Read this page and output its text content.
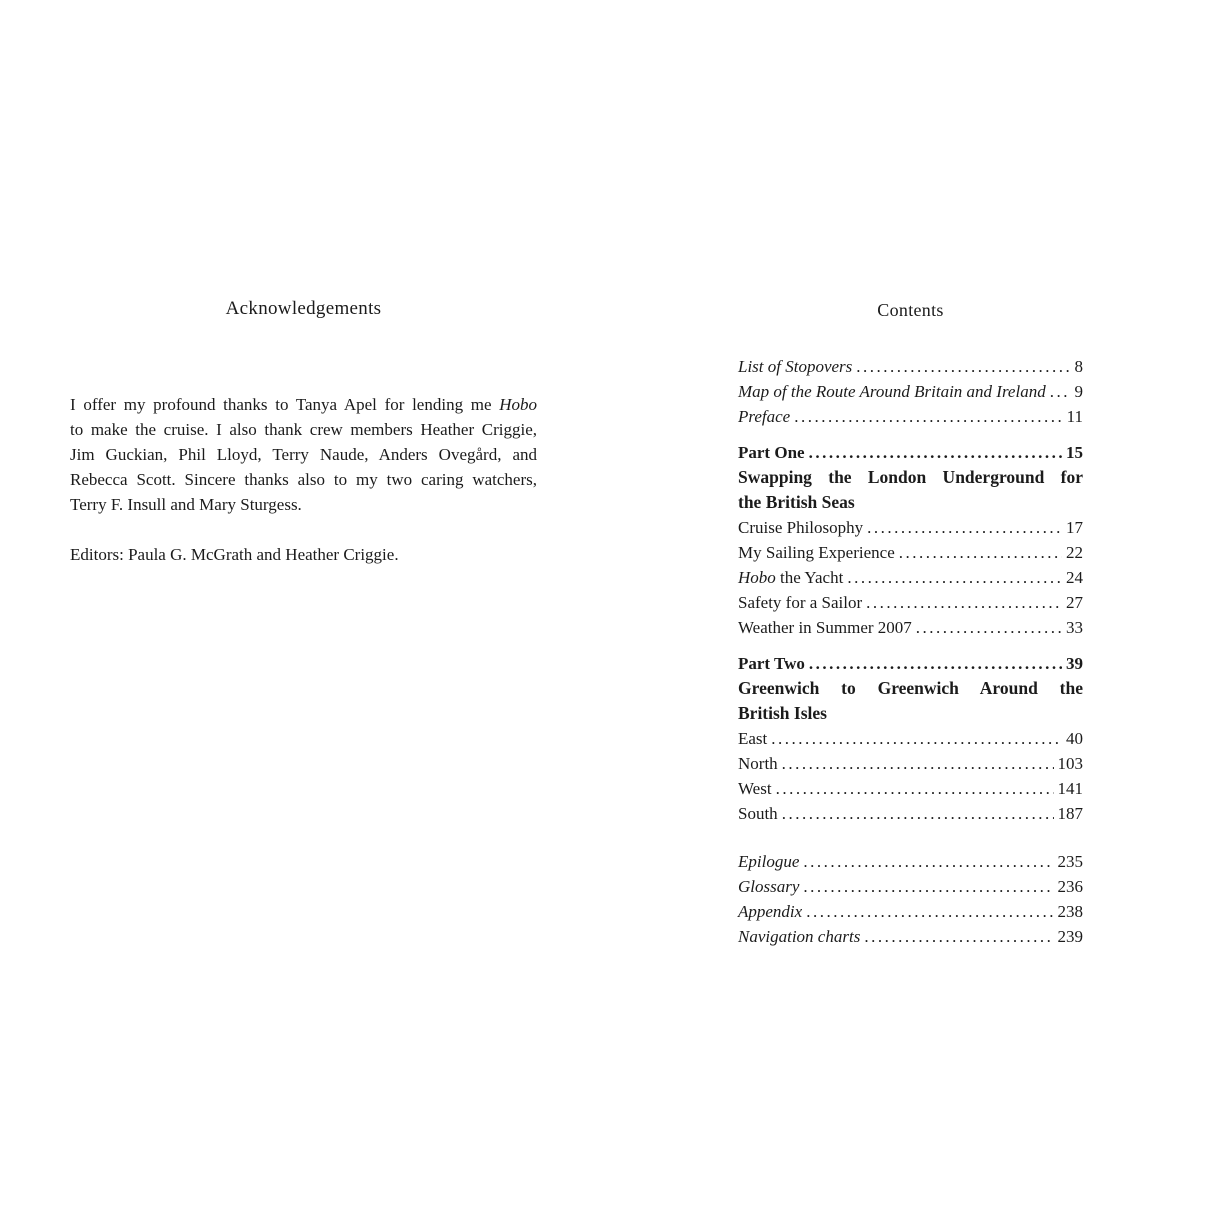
Acknowledgements
I offer my profound thanks to Tanya Apel for lending me Hobo
to make the cruise. I also thank crew members Heather Criggie,
Jim Guckian, Phil Lloyd, Terry Naude, Anders Ovegård, and
Rebecca Scott. Sincere thanks also to my two caring watchers,
Terry F. Insull and Mary Sturgess.

Editors: Paula G. McGrath and Heather Criggie.

Contents
List of Stopovers .....	8
Map of the Route Around Britain and Ireland ..... 9
Preface .....	11
Part One .....	15
Swapping the London Underground for
the British Seas
Cruise Philosophy .....	17
My Sailing Experience .....	22
Hobo the Yacht .....	24
Safety for a Sailor .....	27
Weather in Summer 2007 .....	33
Part Two .....	39
Greenwich to Greenwich Around the
British Isles
East .....	40
North .....	103
West .....	141
South .....	187
Epilogue .....	235
Glossary .....	236
Appendix .....	238
Navigation charts .....	239
